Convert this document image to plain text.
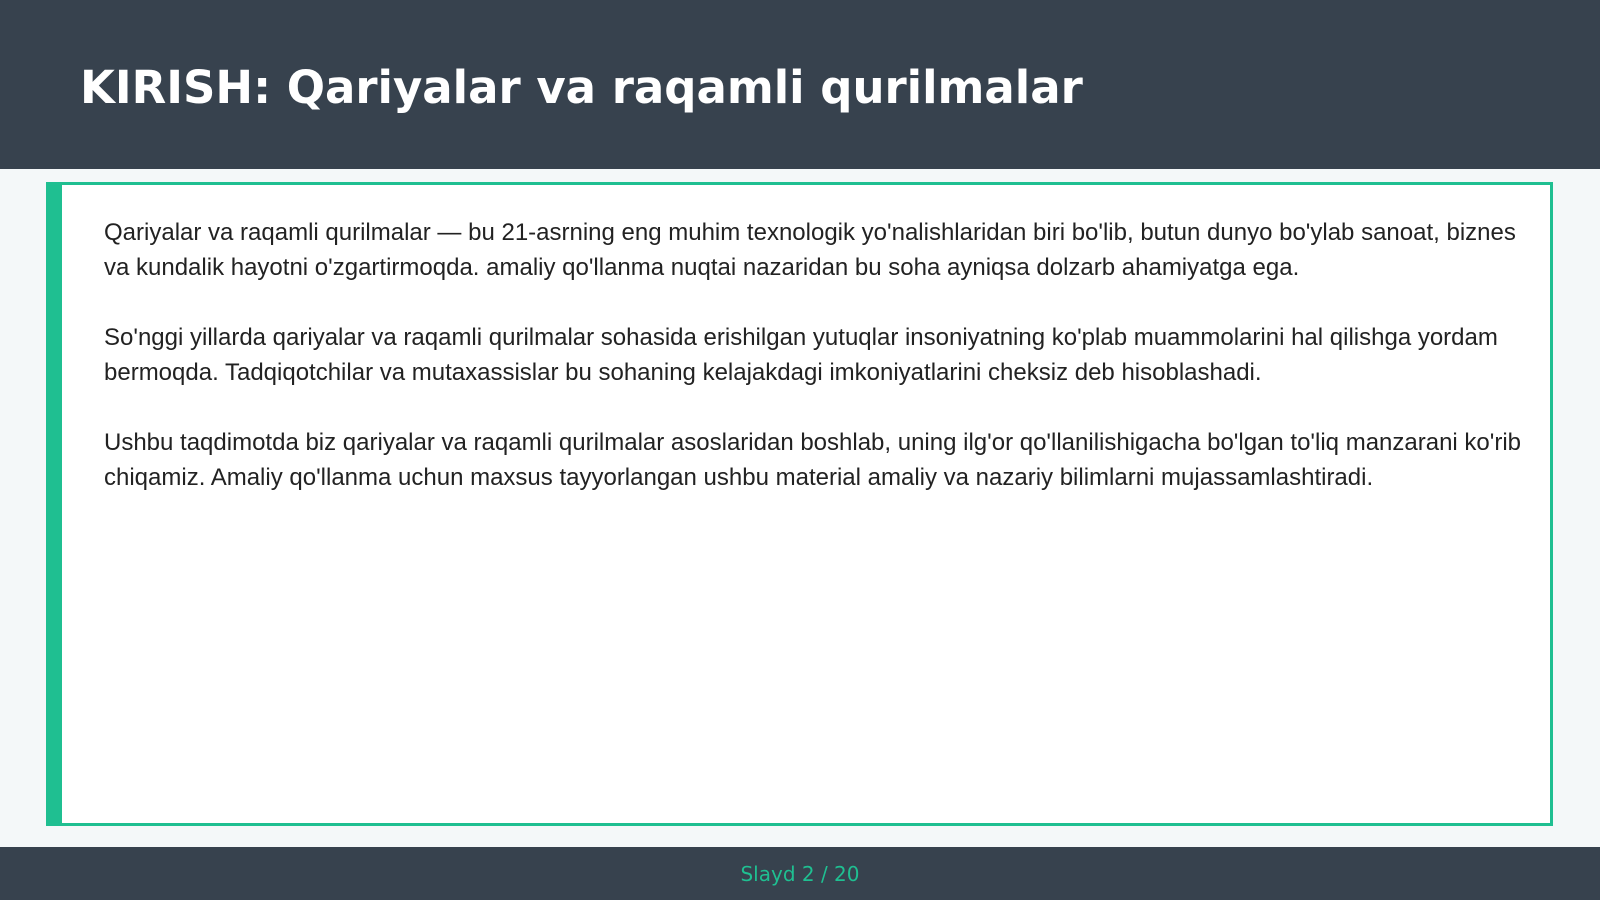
KIRISH: Qariyalar va raqamli qurilmalar

Qariyalar va raqamli qurilmalar — bu 21-asrning eng muhim texnologik yo'nalishlaridan biri bo'lib, butun dunyo bo'ylab sanoat, biznes va kundalik hayotni o'zgartirmoqda. amaliy qo'llanma nuqtai nazaridan bu soha ayniqsa dolzarb ahamiyatga ega.

So'nggi yillarda qariyalar va raqamli qurilmalar sohasida erishilgan yutuqlar insoniyatning ko'plab muammolarini hal qilishga yordam bermoqda. Tadqiqotchilar va mutaxassislar bu sohaning kelajakdagi imkoniyatlarini cheksiz deb hisoblashadi.

Ushbu taqdimotda biz qariyalar va raqamli qurilmalar asoslaridan boshlab, uning ilg'or qo'llanilishigacha bo'lgan to'liq manzarani ko'rib chiqamiz. Amaliy qo'llanma uchun maxsus tayyorlangan ushbu material amaliy va nazariy bilimlarni mujassamlashtiradi.

Slayd 2 / 20
